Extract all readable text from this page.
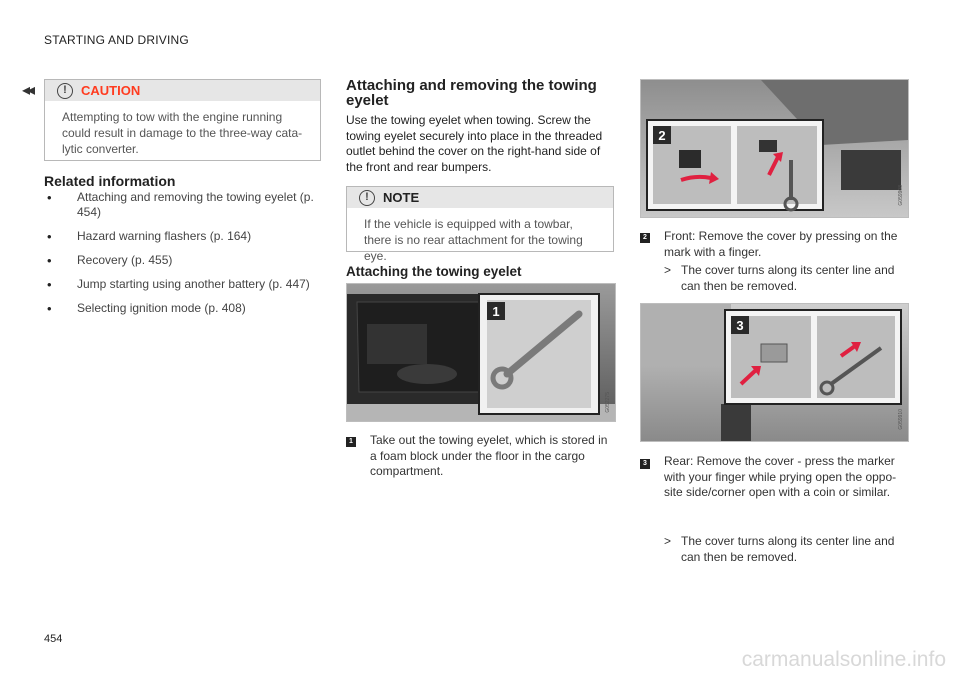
STARTING AND DRIVING
◂◂	!	CAUTION
Attempting to tow with the engine running could result in damage to the three-way cata-lytic converter.
Related information
• Attaching and removing the towing eyelet (p. 454)
• Hazard warning flashers (p. 164)
• Recovery (p. 455)
• Jump starting using another battery (p. 447)
• Selecting ignition mode (p. 408)
Attaching and removing the towing eyelet
Use the towing eyelet when towing. Screw the towing eyelet securely into place in the threaded outlet behind the cover on the right-hand side of the front and rear bumpers.
!	NOTE
If the vehicle is equipped with a towbar, there is no rear attachment for the towing eye.
Attaching the towing eyelet
1
G052275
1 Take out the towing eyelet, which is stored in a foam block under the floor in the cargo compartment.
2
G059908
2 Front: Remove the cover by pressing on the mark with a finger.
> The cover turns along its center line and can then be removed.
3
G059910
3 Rear: Remove the cover - press the marker with your finger while prying open the oppo-site side/corner open with a coin or similar.
> The cover turns along its center line and can then be removed.
454
carmanualsonline.info
